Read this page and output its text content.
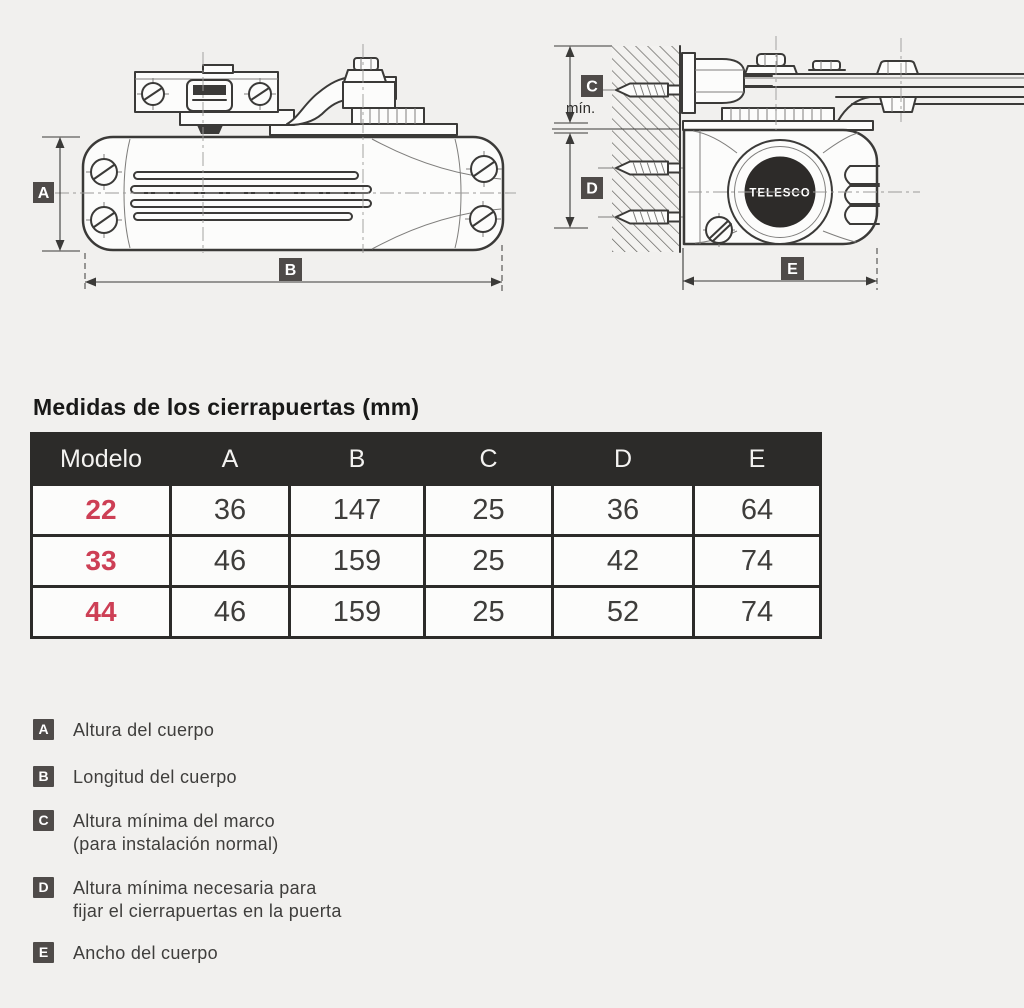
A
B
TELESCO
C
mín.
D
E
Medidas de los cierrapuertas (mm)
Modelo	A	B	C	D	E
22	36	147	25	36	64
33	46	159	25	42	74
44	46	159	25	52	74
A	Altura del cuerpo
B	Longitud del cuerpo
C	Altura mínima del marco
(para instalación normal)
D	Altura mínima necesaria para
fijar el cierrapuertas en la puerta
E	Ancho del cuerpo
